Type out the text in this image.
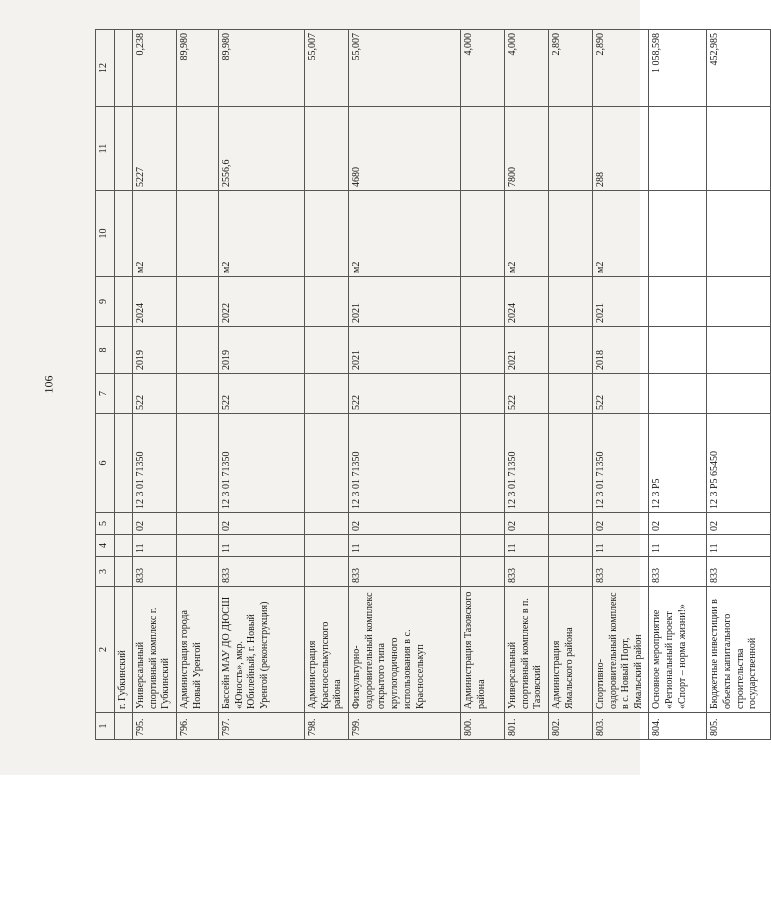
106
1	2	3	4	5	6	7	8	9	10	11	12
	г. Губкинский										
795.	Универсальный спортивный комплекс г. Губкинский	833	11	02	12 3 01 71350	522	2019	2024	м2	5227	0,238
796.	Администрация города Новый Уренгой										89,980
797.	Бассейн МАУ ДО ДЮСШ «Юность», мкр. Юбилейный, г. Новый Уренгой (реконструкция)	833	11	02	12 3 01 71350	522	2019	2022	м2	2556,6	89,980
798.	Администрация Красноселькупского района										55,007
799.	Физкультурно-оздоровительный комплекс открытого типа круглогодичного использования в с. Красноселькуп	833	11	02	12 3 01 71350	522	2021	2021	м2	4680	55,007
800.	Администрация Тазовского района										4,000
801.	Универсальный спортивный комплекс в п. Тазовский	833	11	02	12 3 01 71350	522	2021	2024	м2	7800	4,000
802.	Администрация Ямальского района										2,890
803.	Спортивно-оздоровительный комплекс в с. Новый Порт, Ямальский район	833	11	02	12 3 01 71350	522	2018	2021	м2	288	2,890
804.	Основное мероприятие «Региональный проект «Спорт – норма жизни!»	833	11	02	12 3 P5						1 058,598
805.	Бюджетные инвестиции в объекты капитального строительства государственной	833	11	02	12 3 P5 65450						452,985
